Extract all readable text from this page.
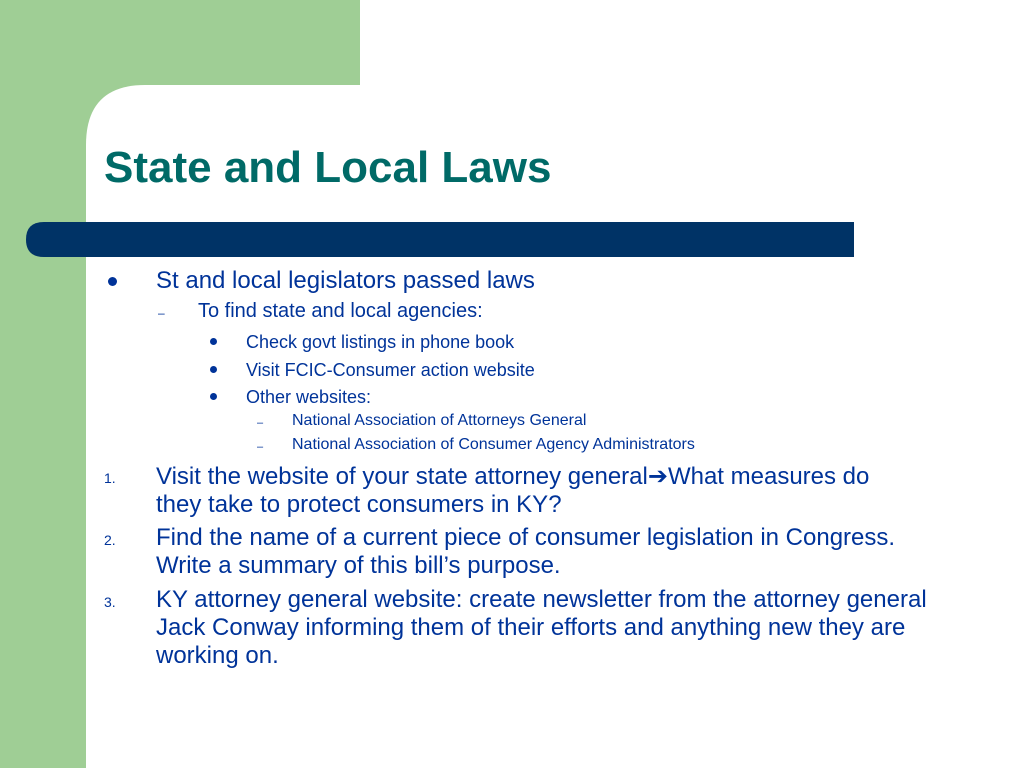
State and Local Laws
St and local legislators passed laws
– To find state and local agencies:
Check govt listings in phone book
Visit FCIC-Consumer action website
Other websites:
– National Association of Attorneys General
– National Association of Consumer Agency Administrators
1. Visit the website of your state attorney general➔What measures do they take to protect consumers in KY?
2. Find the name of a current piece of consumer legislation in Congress. Write a summary of this bill’s purpose.
3. KY attorney general website: create newsletter from the attorney general Jack Conway informing them of their efforts and anything new they are working on.
